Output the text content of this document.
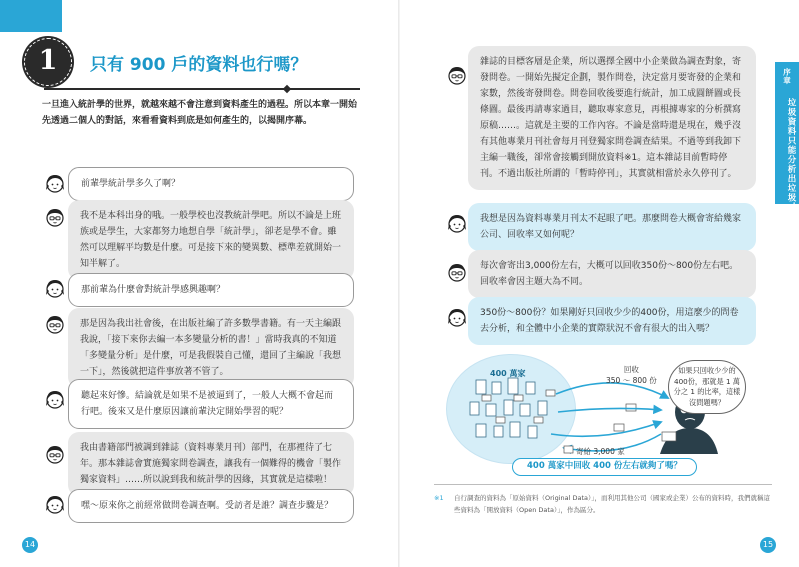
1	只有 900 戶的資料也行嗎？
一旦進入統計學的世界，就越來越不會注意到資料產生的過程。所以本章一開始先透過二個人的對話，來看看資料到底是如何產生的，以揭開序幕。
前輩學統計學多久了啊？
我不是本科出身的哦。一般學校也沒教統計學吧。所以不論是上班族或是學生，大家都努力地想自學「統計學」，卻老是學不會。雖然可以理解平均數是什麼。可是接下來的變異數、標準差就開始一知半解了。
那前輩為什麼會對統計學感興趣啊？
那是因為我出社會後，在出版社編了許多數學書籍。有一天主編跟我說，「接下來你去編一本多變量分析的書！」當時我真的不知道「多變量分析」是什麼，可是我假裝自己懂，還回了主編說「我想一下」，然後就把這件事放著不管了。
聽起來好慘。結論就是如果不是被逼到了，一般人大概不會起而行吧。後來又是什麼原因讓前輩決定開始學習的呢？
我由書籍部門被調到雜誌（資料專業月刊）部門，在那裡待了七年。那本雜誌會實施獨家問卷調查，讓我有一個難得的機會「製作獨家資料」……所以說到我和統計學的因緣，其實就是這樣啦！
嘿～原來你之前經常做問卷調查啊。受訪者是誰？調查步驟是？
14
雜誌的目標客層是企業，所以選擇全國中小企業做為調查對象，寄發問卷。一開始先擬定企劃，製作問卷，決定當月要寄發的企業和家數，然後寄發問卷。問卷回收後要進行統計，加工成圓餅圖或長條圖。最後再請專家過目，聽取專家意見，再根據專家的分析撰寫原稿……。這就是主要的工作內容。不論是當時還是現在，幾乎沒有其他專業月刊社會每月刊登獨家問卷調查結果。不過等到我卸下主編一職後，卻常會接觸到開放資料※1。這本雜誌目前暫時停刊。不過出版社所謂的「暫時停刊」，其實就相當於永久停刊了。
我想是因為資料專業月刊太不起眼了吧。那麼問卷大概會寄給幾家公司、回收率又如何呢？
每次會寄出3,000份左右，大概可以回收350份～800份左右吧。回收率會因主題大為不同。
350份～800份？如果剛好只回收少少的400份，用這麼少的問卷去分析，和全體中小企業的實際狀況不會有很大的出入嗎？
400 萬家	回收
350 ～ 800 份
寄給 3,000 家
如果只回收少少的400份，那就是 1 萬分之 1 的比率，這樣沒問題嗎？
400 萬家中回收 400 份左右就夠了嗎？
※1	自行調查的資料為「原始資料（Original Data）」，而利用其他公司（國家或企業）公布的資料時，我們就稱這些資料為「開放資料（Open Data）」，作為區分。
序章
垃圾資料只能分析出垃圾！
15
